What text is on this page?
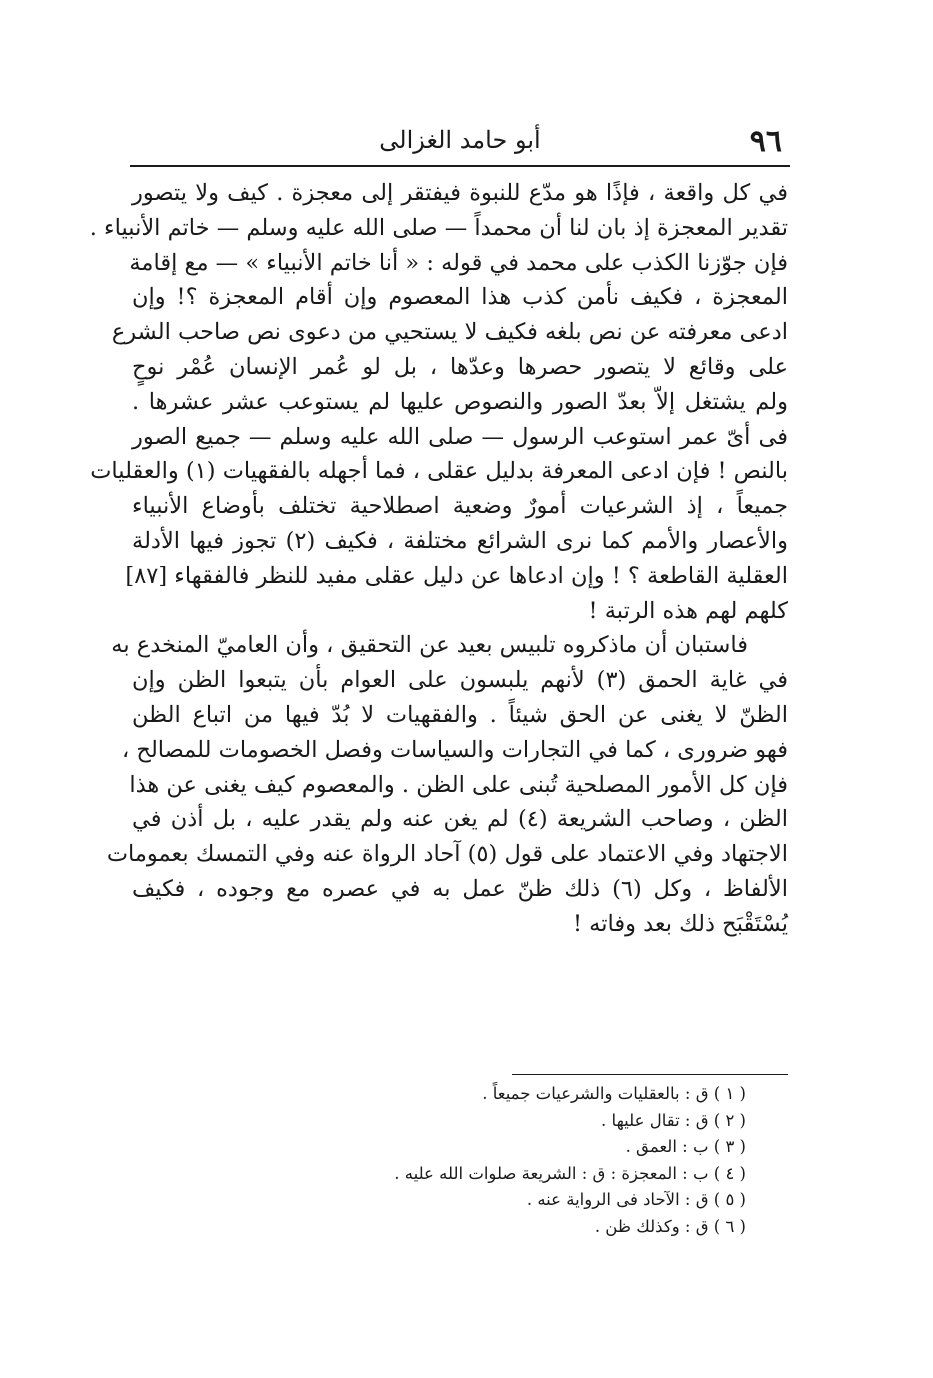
٩٦
أبو حامد الغزالى
في كل واقعة ، فإذًا هو مدّع للنبوة فيفتقر إلى معجزة . كيف ولا يتصور
تقدير المعجزة إذ بان لنا أن محمداً — صلى الله عليه وسلم — خاتم الأنبياء .
فإن جوّزنا الكذب على محمد في قوله : « أنا خاتم الأنبياء » — مع إقامة
المعجزة ، فكيف نأمن كذب هذا المعصوم وإن أقام المعجزة ؟! وإن
ادعى معرفته عن نص بلغه فكيف لا يستحيي من دعوى نص صاحب الشرع
على وقائع لا يتصور حصرها وعدّها ، بل لو عُمر الإنسان عُمْر نوحٍ
ولم يشتغل إلاّ بعدّ الصور والنصوص عليها لم يستوعب عشر عشرها .
فى أىّ عمر استوعب الرسول — صلى الله عليه وسلم — جميع الصور
بالنص ! فإن ادعى المعرفة بدليل عقلى ، فما أجهله بالفقهيات (١) والعقليات
جميعاً ، إذ الشرعيات أمورٌ وضعية اصطلاحية تختلف بأوضاع الأنبياء
والأعصار والأمم كما نرى الشرائع مختلفة ، فكيف (٢) تجوز فيها الأدلة
العقلية القاطعة ؟ ! وإن ادعاها عن دليل عقلى مفيد للنظر فالفقهاء [٨٧]
كلهم لهم هذه الرتبة !
فاستبان أن ماذكروه تلبيس بعيد عن التحقيق ، وأن العاميّ المنخدع به
في غاية الحمق (٣) لأنهم يلبسون على العوام بأن يتبعوا الظن وإن
الظنّ لا يغنى عن الحق شيئاً . والفقهيات لا بُدّ فيها من اتباع الظن
فهو ضرورى ، كما في التجارات والسياسات وفصل الخصومات للمصالح ،
فإن كل الأمور المصلحية تُبنى على الظن . والمعصوم كيف يغنى عن هذا
الظن ، وصاحب الشريعة (٤) لم يغن عنه ولم يقدر عليه ، بل أذن في
الاجتهاد وفي الاعتماد على قول (٥) آحاد الرواة عنه وفي التمسك بعمومات
الألفاظ ، وكل (٦) ذلك ظنّ عمل به في عصره مع وجوده ، فكيف
يُسْتَقْبَح ذلك بعد وفاته !
( ١ ) ق : بالعقليات والشرعيات جميعاً .
( ٢ ) ق : تقال عليها .
( ٣ ) ب : العمق .
( ٤ ) ب : المعجزة : ق : الشريعة صلوات الله عليه .
( ٥ ) ق : الآحاد فى الرواية عنه .
( ٦ ) ق : وكذلك ظن .
